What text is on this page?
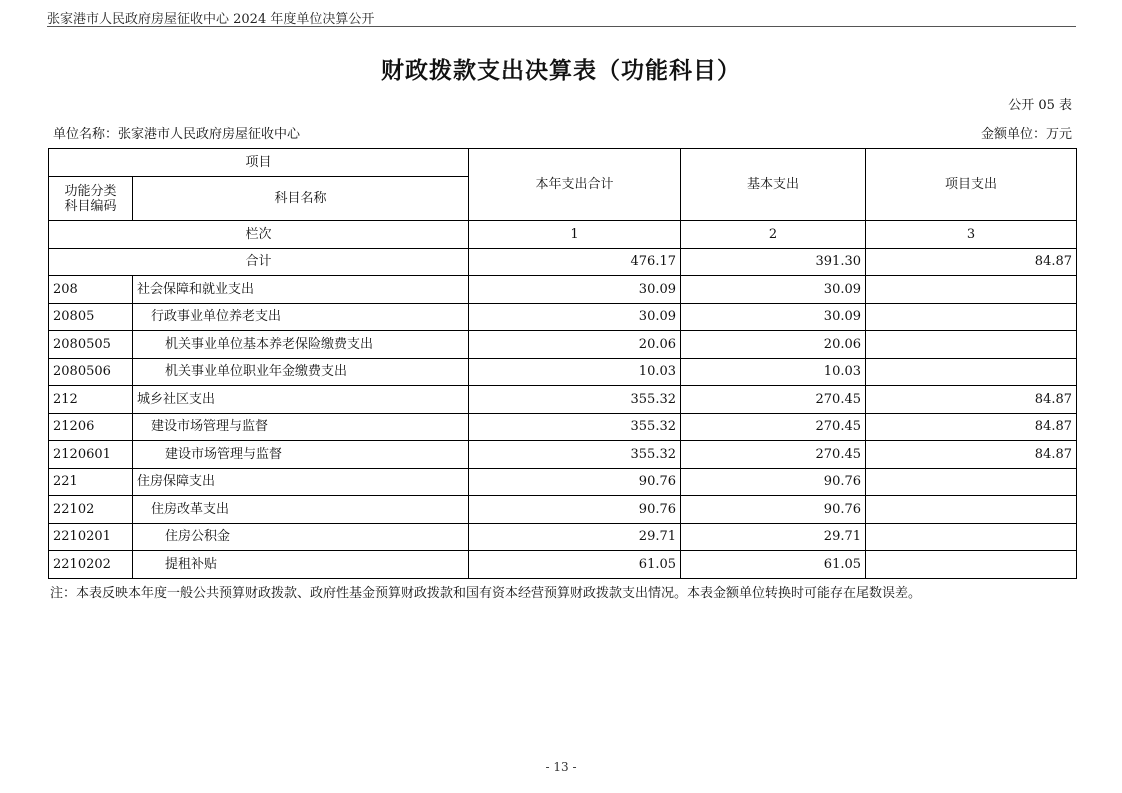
张家港市人民政府房屋征收中心 2024 年度单位决算公开
财政拨款支出决算表（功能科目）
公开 05 表
单位名称：张家港市人民政府房屋征收中心	金额单位：万元
项目		本年支出合计	基本支出	项目支出
功能分类
科目编码	科目名称			
栏次		1	2	3
合计		476.17	391.30	84.87
208	社会保障和就业支出	30.09	30.09	
20805	行政事业单位养老支出	30.09	30.09	
2080505	机关事业单位基本养老保险缴费支出	20.06	20.06	
2080506	机关事业单位职业年金缴费支出	10.03	10.03	
212	城乡社区支出	355.32	270.45	84.87
21206	建设市场管理与监督	355.32	270.45	84.87
2120601	建设市场管理与监督	355.32	270.45	84.87
221	住房保障支出	90.76	90.76	
22102	住房改革支出	90.76	90.76	
2210201	住房公积金	29.71	29.71	
2210202	提租补贴	61.05	61.05	
注：本表反映本年度一般公共预算财政拨款、政府性基金预算财政拨款和国有资本经营预算财政拨款支出情况。本表金额单位转换时可能存在尾数误差。
- 13 -
